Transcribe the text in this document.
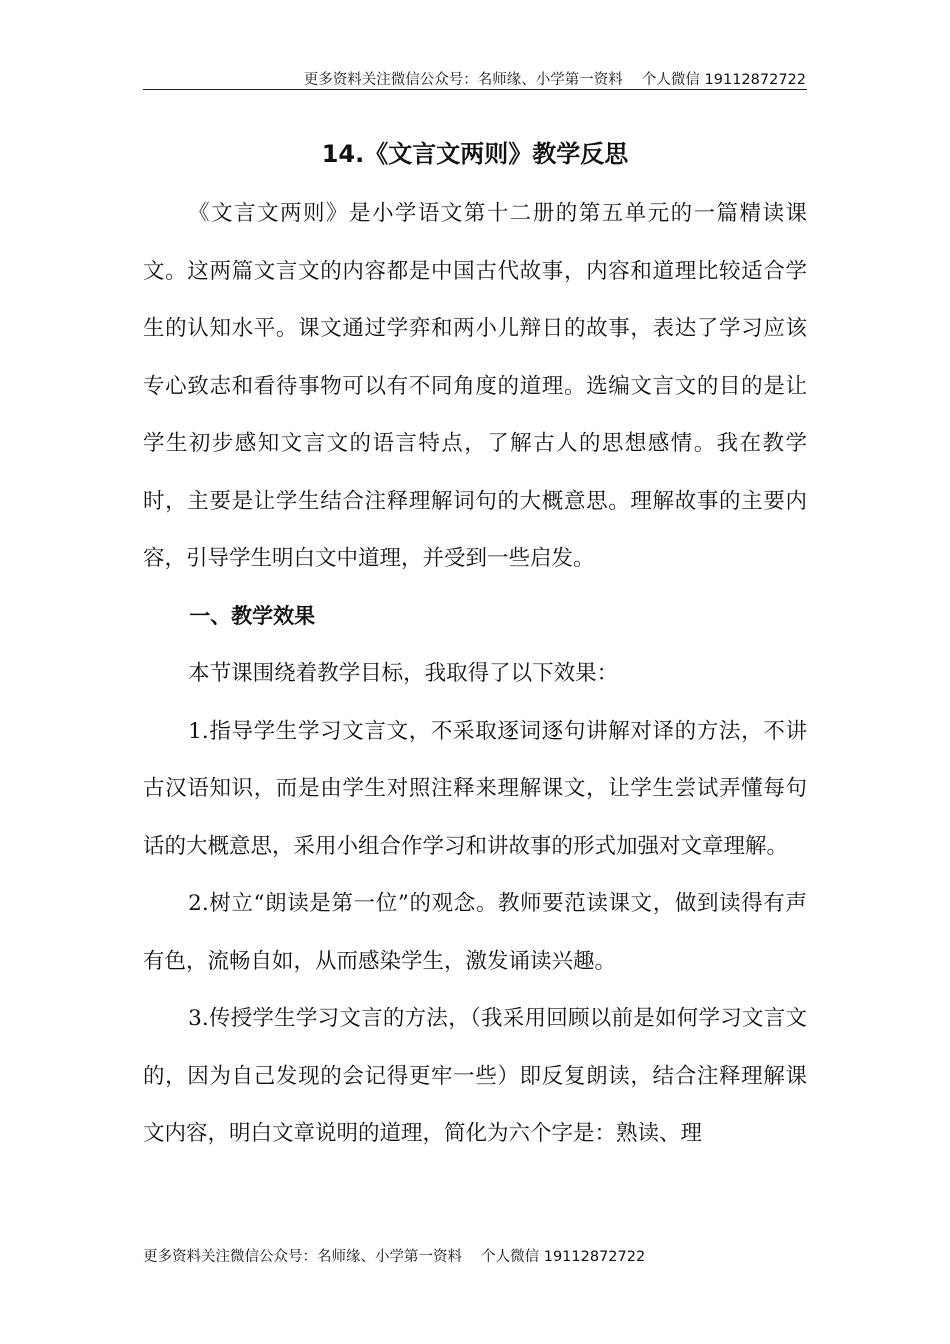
更多资料关注微信公众号：名师缘、小学第一资料　 个人微信 19112872722
14.《文言文两则》教学反思

《文言文两则》是小学语文第十二册的第五单元的一篇精读课文。这两篇文言文的内容都是中国古代故事，内容和道理比较适合学生的认知水平。课文通过学弈和两小儿辩日的故事，表达了学习应该专心致志和看待事物可以有不同角度的道理。选编文言文的目的是让学生初步感知文言文的语言特点，了解古人的思想感情。我在教学时，主要是让学生结合注释理解词句的大概意思。理解故事的主要内容，引导学生明白文中道理，并受到一些启发。

一、教学效果

本节课围绕着教学目标，我取得了以下效果：

1.指导学生学习文言文，不采取逐词逐句讲解对译的方法，不讲古汉语知识，而是由学生对照注释来理解课文，让学生尝试弄懂每句话的大概意思，采用小组合作学习和讲故事的形式加强对文章理解。

2.树立“朗读是第一位”的观念。教师要范读课文，做到读得有声有色，流畅自如，从而感染学生，激发诵读兴趣。

3.传授学生学习文言的方法，（我采用回顾以前是如何学习文言文的，因为自己发现的会记得更牢一些）即反复朗读，结合注释理解课文内容，明白文章说明的道理，简化为六个字是：熟读、理

更多资料关注微信公众号：名师缘、小学第一资料　 个人微信 19112872722
